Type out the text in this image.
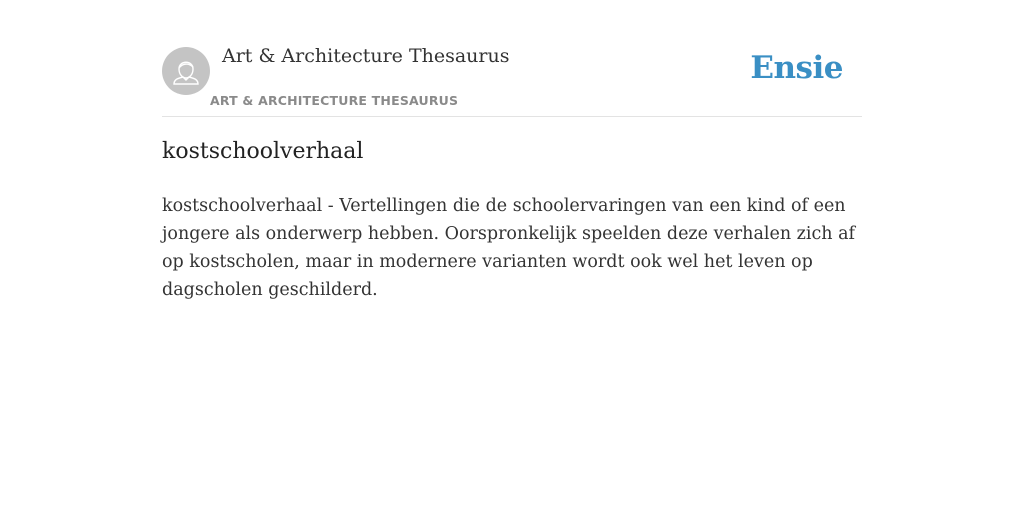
Art & Architecture Thesaurus
ART & ARCHITECTURE THESAURUS
Ensie
kostschoolverhaal

kostschoolverhaal - Vertellingen die de schoolervaringen van een kind of een jongere als onderwerp hebben. Oorspronkelijk speelden deze verhalen zich af op kostscholen, maar in modernere varianten wordt ook wel het leven op dagscholen geschilderd.
